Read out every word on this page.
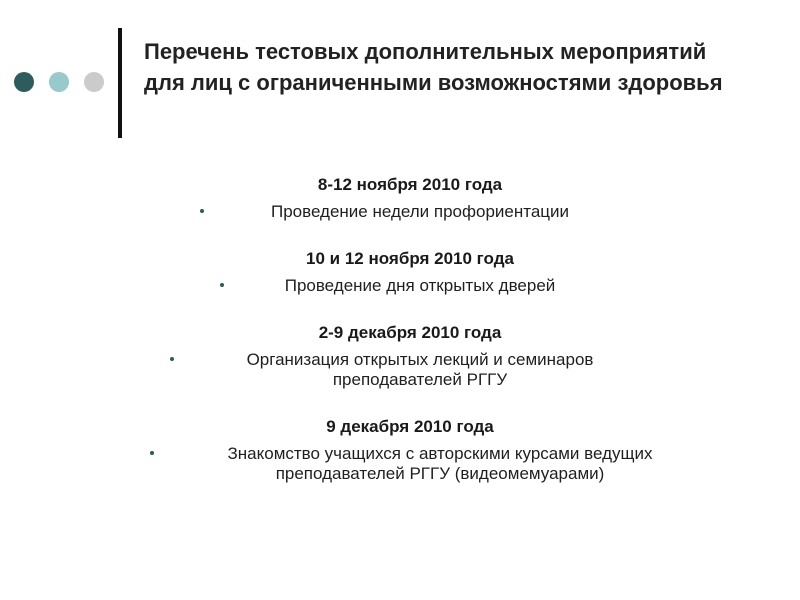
Перечень тестовых дополнительных мероприятий для лиц с ограниченными возможностями здоровья
8-12 ноября 2010 года
Проведение недели профориентации
10 и 12 ноября 2010 года
Проведение дня открытых дверей
2-9 декабря 2010 года
Организация открытых лекций и семинаров преподавателей РГГУ
9 декабря 2010 года
Знакомство учащихся с авторскими курсами ведущих преподавателей РГГУ (видеомемуарами)
